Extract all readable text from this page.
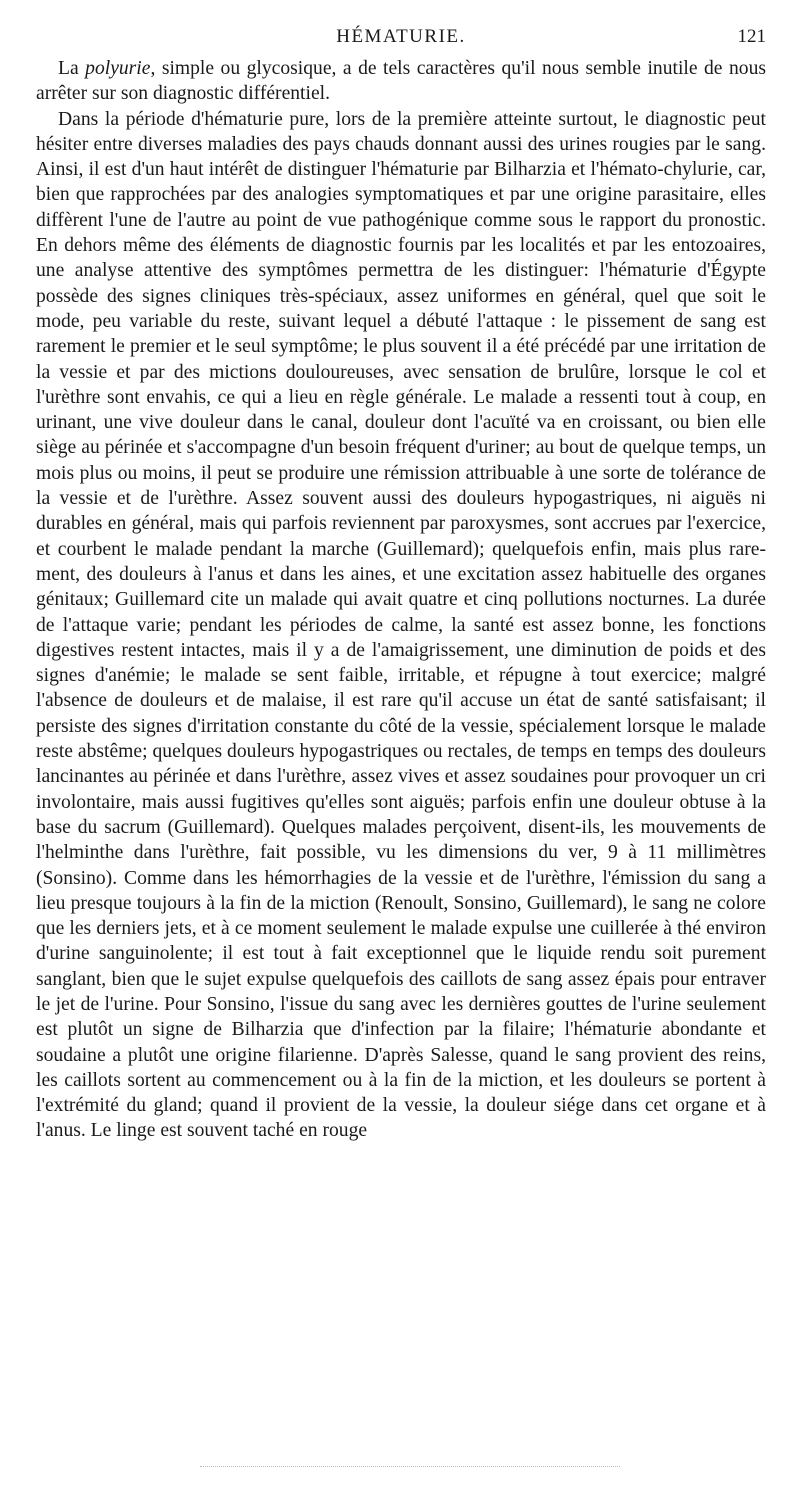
HÉMATURIE.	121

La polyurie, simple ou glycosique, a de tels caractères qu'il nous semble inutile de nous arrêter sur son diagnostic différentiel.

Dans la période d'hématurie pure, lors de la première atteinte surtout, le diagnostic peut hésiter entre diverses maladies des pays chauds donnant aussi des urines rougies par le sang. Ainsi, il est d'un haut intérêt de distinguer l'hématurie par Bilharzia et l'hémato-chylurie, car, bien que rapprochées par des analogies symptomatiques et par une origine parasitaire, elles diffèrent l'une de l'autre au point de vue pathogénique comme sous le rapport du pronostic. En dehors même des éléments de diagnostic fournis par les localités et par les entozoaires, une analyse attentive des symptômes permettra de les distinguer: l'hématurie d'Égypte possède des signes cliniques très-spéciaux, assez uniformes en général, quel que soit le mode, peu variable du reste, suivant lequel a débuté l'attaque : le pissement de sang est rarement le premier et le seul symptôme; le plus souvent il a été précédé par une irritation de la vessie et par des mictions douloureuses, avec sensation de brulûre, lorsque le col et l'urèthre sont envahis, ce qui a lieu en règle générale. Le malade a ressenti tout à coup, en urinant, une vive douleur dans le canal, douleur dont l'acuïté va en croissant, ou bien elle siège au périnée et s'accompagne d'un besoin fréquent d'uriner; au bout de quelque temps, un mois plus ou moins, il peut se produire une rémission attribuable à une sorte de tolérance de la vessie et de l'urèthre. Assez souvent aussi des douleurs hypogastriques, ni aiguës ni durables en général, mais qui parfois reviennent par paroxysmes, sont accrues par l'exercice, et courbent le malade pendant la marche (Guillemard); quelquefois enfin, mais plus rarement, des douleurs à l'anus et dans les aines, et une excitation assez habituelle des organes génitaux; Guillemard cite un malade qui avait quatre et cinq pollutions nocturnes. La durée de l'attaque varie; pendant les périodes de calme, la santé est assez bonne, les fonctions digestives restent intactes, mais il y a de l'amaigrissement, une diminution de poids et des signes d'anémie; le malade se sent faible, irritable, et répugne à tout exercice; malgré l'absence de douleurs et de malaise, il est rare qu'il accuse un état de santé satisfaisant; il persiste des signes d'irritation constante du côté de la vessie, spécialement lorsque le malade reste abstême; quelques douleurs hypogastriques ou rectales, de temps en temps des douleurs lancinantes au périnée et dans l'urèthre, assez vives et assez soudaines pour provoquer un cri involontaire, mais aussi fugitives qu'elles sont aiguës; parfois enfin une douleur obtuse à la base du sacrum (Guillemard). Quelques malades perçoivent, disent-ils, les mouvements de l'helminthe dans l'urèthre, fait possible, vu les dimensions du ver, 9 à 11 millimètres (Sonsino). Comme dans les hémorrhagies de la vessie et de l'urèthre, l'émission du sang a lieu presque toujours à la fin de la miction (Renoult, Sonsino, Guillemard), le sang ne colore que les derniers jets, et à ce moment seulement le malade expulse une cuillerée à thé environ d'urine sanguinolente; il est tout à fait exceptionnel que le liquide rendu soit purement sanglant, bien que le sujet expulse quelquefois des caillots de sang assez épais pour entraver le jet de l'urine. Pour Sonsino, l'issue du sang avec les dernières gouttes de l'urine seulement est plutôt un signe de Bilharzia que d'infection par la filaire; l'hématurie abondante et soudaine a plutôt une origine filarienne. D'après Salesse, quand le sang provient des reins, les caillots sortent au commencement ou à la fin de la miction, et les douleurs se portent à l'extrémité du gland; quand il provient de la vessie, la douleur siége dans cet organe et à l'anus. Le linge est souvent taché en rouge
